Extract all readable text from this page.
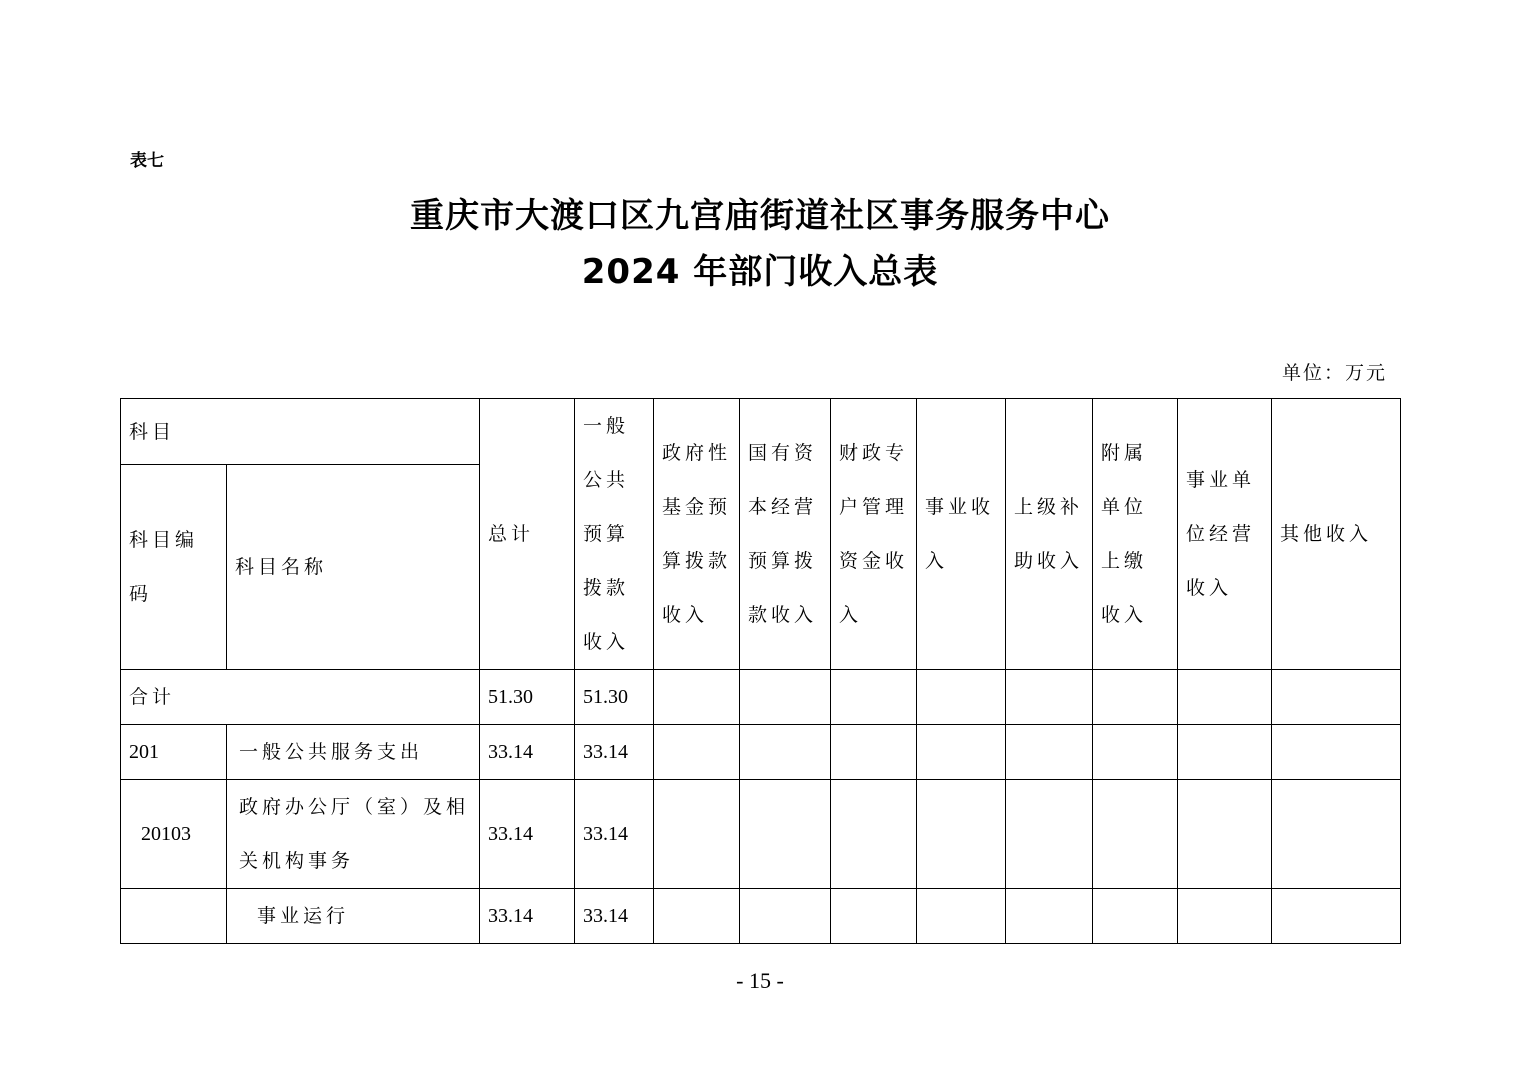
表七
重庆市大渡口区九宫庙街道社区事务服务中心
2024 年部门收入总表
单位：万元
科目		总计	一般公共预算拨款收入	政府性基金预算拨款收入	国有资本经营预算拨款收入	财政专户管理资金收入	事业收入	上级补助收入	附属单位上缴收入	事业单位经营收入	其他收入
科目编码	科目名称										
合计		51.30	51.30								
201	一般公共服务支出	33.14	33.14								
20103	政府办公厅（室）及相关机构事务	33.14	33.14								
	事业运行	33.14	33.14								
- 15 -
